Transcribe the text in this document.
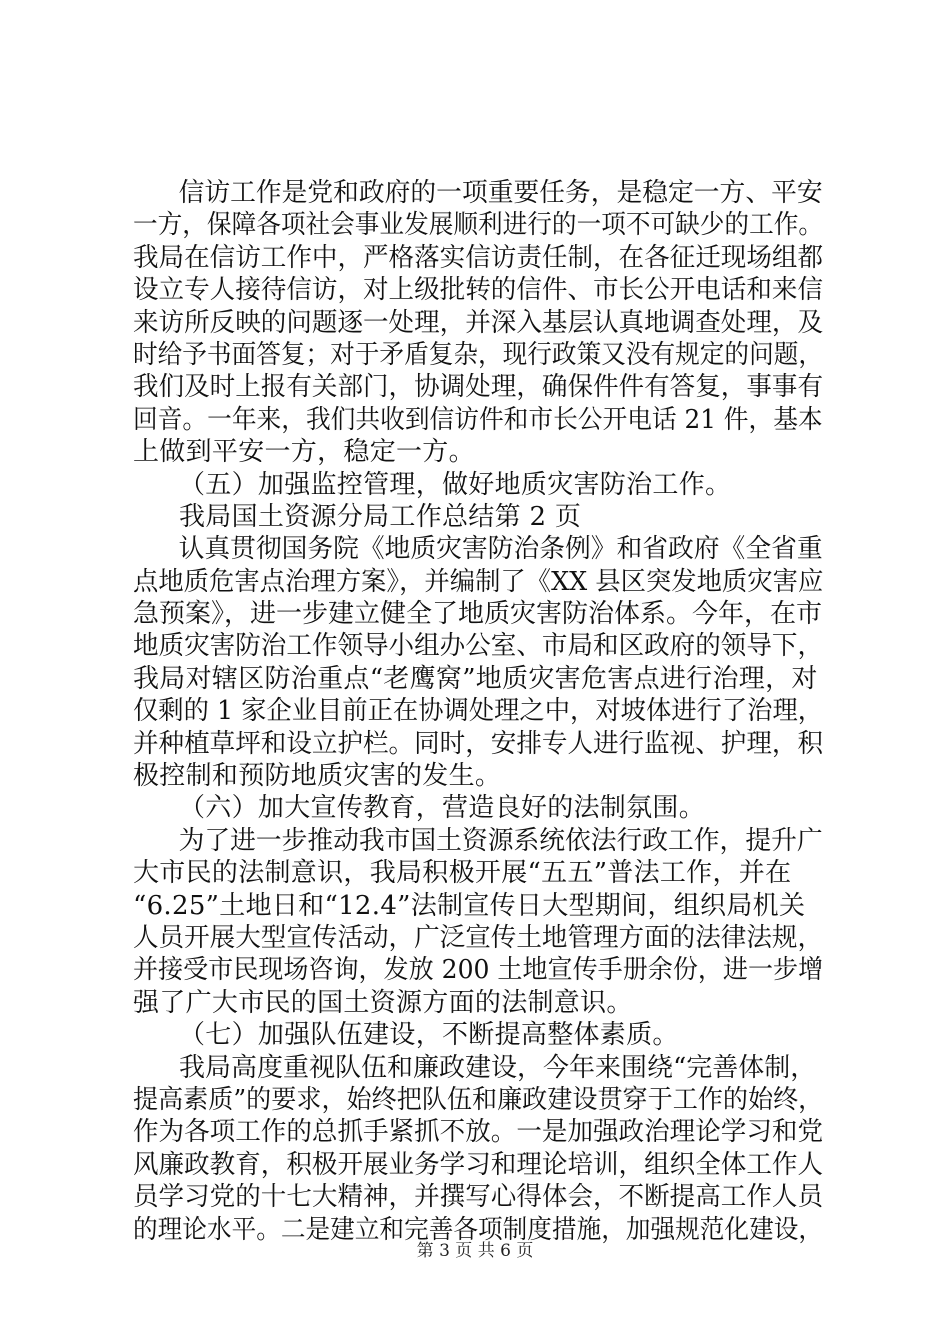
信访工作是党和政府的一项重要任务，是稳定一方、平安
一方，保障各项社会事业发展顺利进行的一项不可缺少的工作。
我局在信访工作中，严格落实信访责任制，在各征迁现场组都
设立专人接待信访，对上级批转的信件、市长公开电话和来信
来访所反映的问题逐一处理，并深入基层认真地调查处理，及
时给予书面答复；对于矛盾复杂，现行政策又没有规定的问题，
我们及时上报有关部门，协调处理，确保件件有答复，事事有
回音。一年来，我们共收到信访件和市长公开电话 21 件，基本
上做到平安一方，稳定一方。
（五）加强监控管理，做好地质灾害防治工作。
我局国土资源分局工作总结第 2 页
认真贯彻国务院《地质灾害防治条例》和省政府《全省重
点地质危害点治理方案》，并编制了《XX 县区突发地质灾害应
急预案》，进一步建立健全了地质灾害防治体系。今年，在市
地质灾害防治工作领导小组办公室、市局和区政府的领导下，
我局对辖区防治重点“老鹰窝”地质灾害危害点进行治理，对
仅剩的 1 家企业目前正在协调处理之中，对坡体进行了治理，
并种植草坪和设立护栏。同时，安排专人进行监视、护理，积
极控制和预防地质灾害的发生。
（六）加大宣传教育，营造良好的法制氛围。
为了进一步推动我市国土资源系统依法行政工作，提升广
大市民的法制意识，我局积极开展“五五”普法工作，并在
“6.25”土地日和“12.4”法制宣传日大型期间，组织局机关
人员开展大型宣传活动，广泛宣传土地管理方面的法律法规，
并接受市民现场咨询，发放 200 土地宣传手册余份，进一步增
强了广大市民的国土资源方面的法制意识。
（七）加强队伍建设，不断提高整体素质。
我局高度重视队伍和廉政建设，今年来围绕“完善体制，
提高素质”的要求，始终把队伍和廉政建设贯穿于工作的始终，
作为各项工作的总抓手紧抓不放。一是加强政治理论学习和党
风廉政教育，积极开展业务学习和理论培训，组织全体工作人
员学习党的十七大精神，并撰写心得体会，不断提高工作人员
的理论水平。二是建立和完善各项制度措施，加强规范化建设，
第 3 页 共 6 页
